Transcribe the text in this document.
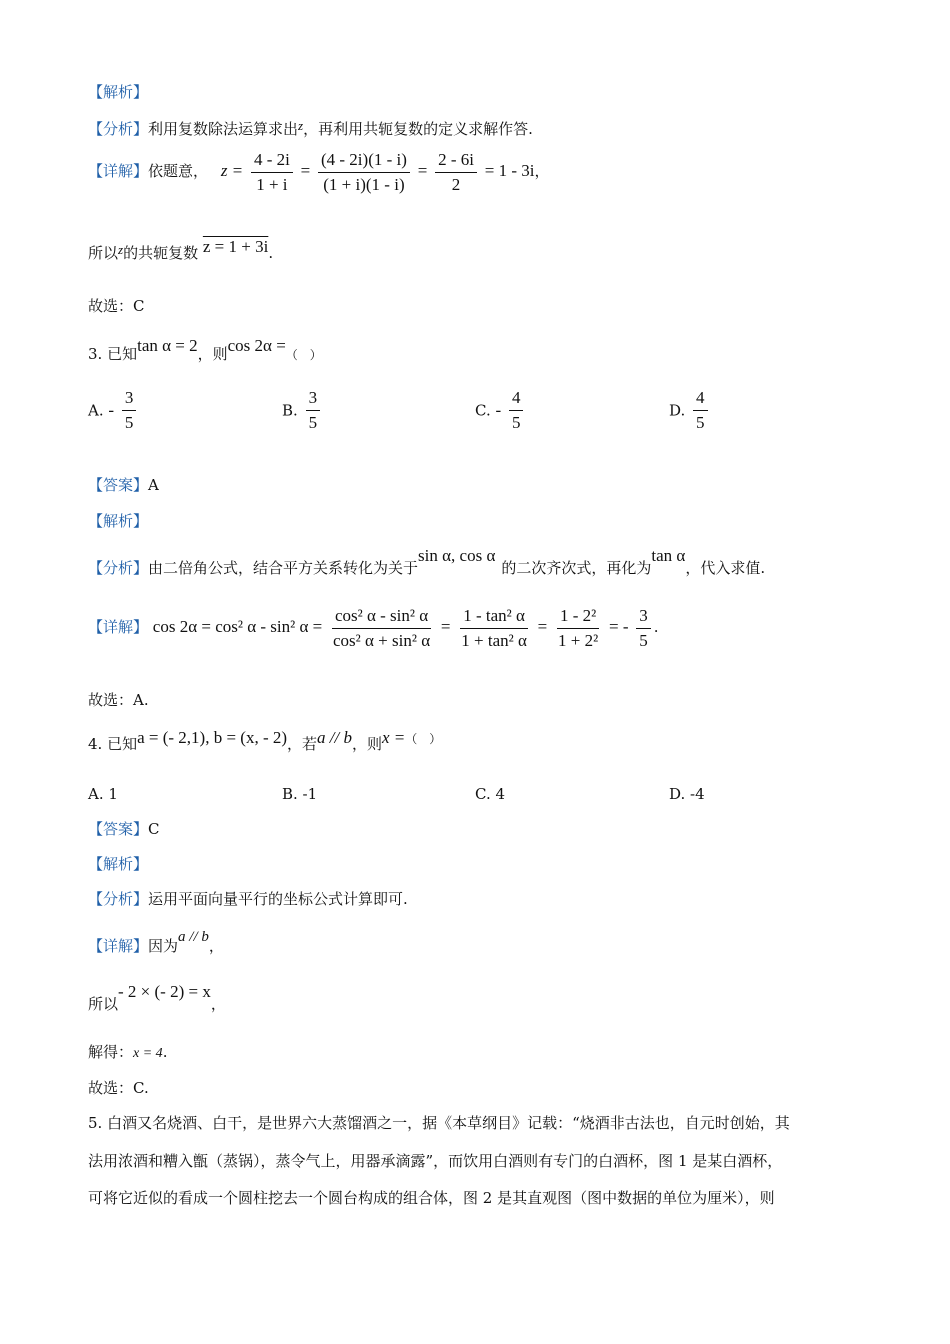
【解析】
【分析】利用复数除法运算求出z，再利用共轭复数的定义求解作答.
【详解】依题意， $z = \frac{4 - 2i}{1 + i} = \frac{(4 - 2i)(1 - i)}{(1 + i)(1 - i)} = \frac{2 - 6i}{2} = 1 - 3i$，
所以z的共轭复数 z = 1 + 3i.
故选：C
3. 已知tan α = 2，则$\cos 2\alpha =_{( )}$
A. - $\frac{3}{5}$	B. $\frac{3}{5}$	C. - $\frac{4}{5}$	D. $\frac{4}{5}$
【答案】A
【解析】
【分析】由二倍角公式，结合平方关系转化为关于sin α, cos α的二次齐次式，再化为tan α，代入求值.
【详解】 cos 2α = cos² α - sin² $\alpha = \frac{\text{cos² α - sin² α}}{\text{cos² α + sin² α}} = \frac{\text{1 - tan² α}}{\text{1 + tan² α}} = \frac{\text{1 - 2²}}{\text{1 + 2²}}$ = - $\frac{3}{5}$ .
故选：A.
4. 已知a = (- 2,1), b = (x, - 2)，若a // b，则x =（　）
A. 1	B. -1	C. 4	D. -4
【答案】C
【解析】
【分析】运用平面向量平行的坐标公式计算即可.
【详解】因为a // b，
所以- 2 × (- 2) = x，
解得：x = 4.
故选：C.
5. 白酒又名烧酒、白干，是世界六大蒸馏酒之一，据《本草纲目》记载：“烧酒非古法也，自元时创始，其
法用浓酒和糟入甑（蒸锅），蒸令气上，用器承滴露”，而饮用白酒则有专门的白酒杯，图 1 是某白酒杯，
可将它近似的看成一个圆柱挖去一个圆台构成的组合体，图 2 是其直观图（图中数据的单位为厘米），则
